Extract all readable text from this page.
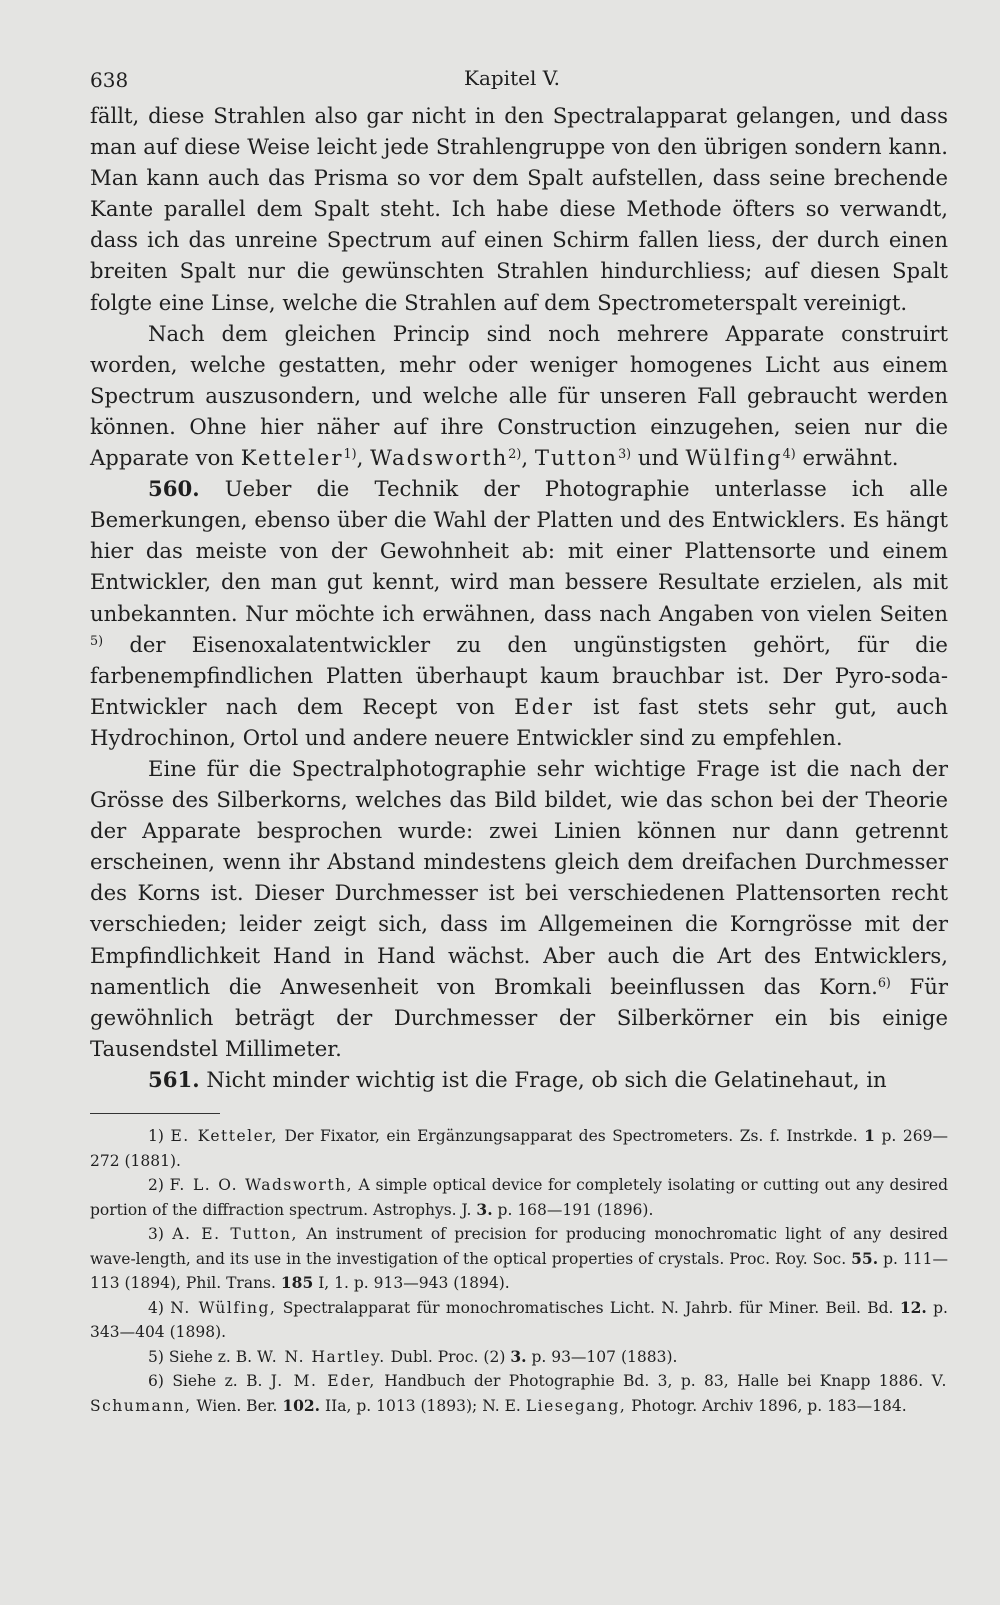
638	Kapitel V.

fällt, diese Strahlen also gar nicht in den Spectralapparat gelangen, und dass man auf diese Weise leicht jede Strahlengruppe von den übrigen sondern kann. Man kann auch das Prisma so vor dem Spalt aufstellen, dass seine brechende Kante parallel dem Spalt steht. Ich habe diese Methode öfters so verwandt, dass ich das unreine Spectrum auf einen Schirm fallen liess, der durch einen breiten Spalt nur die gewünschten Strahlen hindurchliess; auf diesen Spalt folgte eine Linse, welche die Strahlen auf dem Spectrometerspalt vereinigt.

Nach dem gleichen Princip sind noch mehrere Apparate construirt worden, welche gestatten, mehr oder weniger homogenes Licht aus einem Spectrum auszusondern, und welche alle für unseren Fall gebraucht werden können. Ohne hier näher auf ihre Construction einzugehen, seien nur die Apparate von Ketteler$^{1)}$, Wadsworth$^{2)}$, Tutton$^{3)}$ und Wülfing$^{4)}$ erwähnt.

560. Ueber die Technik der Photographie unterlasse ich alle Bemerkungen, ebenso über die Wahl der Platten und des Entwicklers. Es hängt hier das meiste von der Gewohnheit ab: mit einer Plattensorte und einem Entwickler, den man gut kennt, wird man bessere Resultate erzielen, als mit unbekannten. Nur möchte ich erwähnen, dass nach Angaben von vielen Seiten $^{5)}$ der Eisenoxalatentwickler zu den ungünstigsten gehört, für die farbenempfindlichen Platten überhaupt kaum brauchbar ist. Der Pyro-soda-Entwickler nach dem Recept von Eder ist fast stets sehr gut, auch Hydrochinon, Ortol und andere neuere Entwickler sind zu empfehlen.

Eine für die Spectralphotographie sehr wichtige Frage ist die nach der Grösse des Silberkorns, welches das Bild bildet, wie das schon bei der Theorie der Apparate besprochen wurde: zwei Linien können nur dann getrennt erscheinen, wenn ihr Abstand mindestens gleich dem dreifachen Durchmesser des Korns ist. Dieser Durchmesser ist bei verschiedenen Plattensorten recht verschieden; leider zeigt sich, dass im Allgemeinen die Korngrösse mit der Empfindlichkeit Hand in Hand wächst. Aber auch die Art des Entwicklers, namentlich die Anwesenheit von Bromkali beeinflussen das Korn.$^{6)}$ Für gewöhnlich beträgt der Durchmesser der Silberkörner ein bis einige Tausendstel Millimeter.

561. Nicht minder wichtig ist die Frage, ob sich die Gelatinehaut, in

1) E. Ketteler, Der Fixator, ein Ergänzungsapparat des Spectrometers. Zs. f. Instrkde. 1 p. 269—272 (1881).

2) F. L. O. Wadsworth, A simple optical device for completely isolating or cutting out any desired portion of the diffraction spectrum. Astrophys. J. 3. p. 168—191 (1896).

3) A. E. Tutton, An instrument of precision for producing monochromatic light of any desired wave-length, and its use in the investigation of the optical properties of crystals. Proc. Roy. Soc. 55. p. 111—113 (1894), Phil. Trans. 185 I, 1. p. 913—943 (1894).

4) N. Wülfing, Spectralapparat für monochromatisches Licht. N. Jahrb. für Miner. Beil. Bd. 12. p. 343—404 (1898).

5) Siehe z. B. W. N. Hartley. Dubl. Proc. (2) 3. p. 93—107 (1883).

6) Siehe z. B. J. M. Eder, Handbuch der Photographie Bd. 3, p. 83, Halle bei Knapp 1886. V. Schumann, Wien. Ber. 102. IIa, p. 1013 (1893); N. E. Liesegang, Photogr. Archiv 1896, p. 183—184.
